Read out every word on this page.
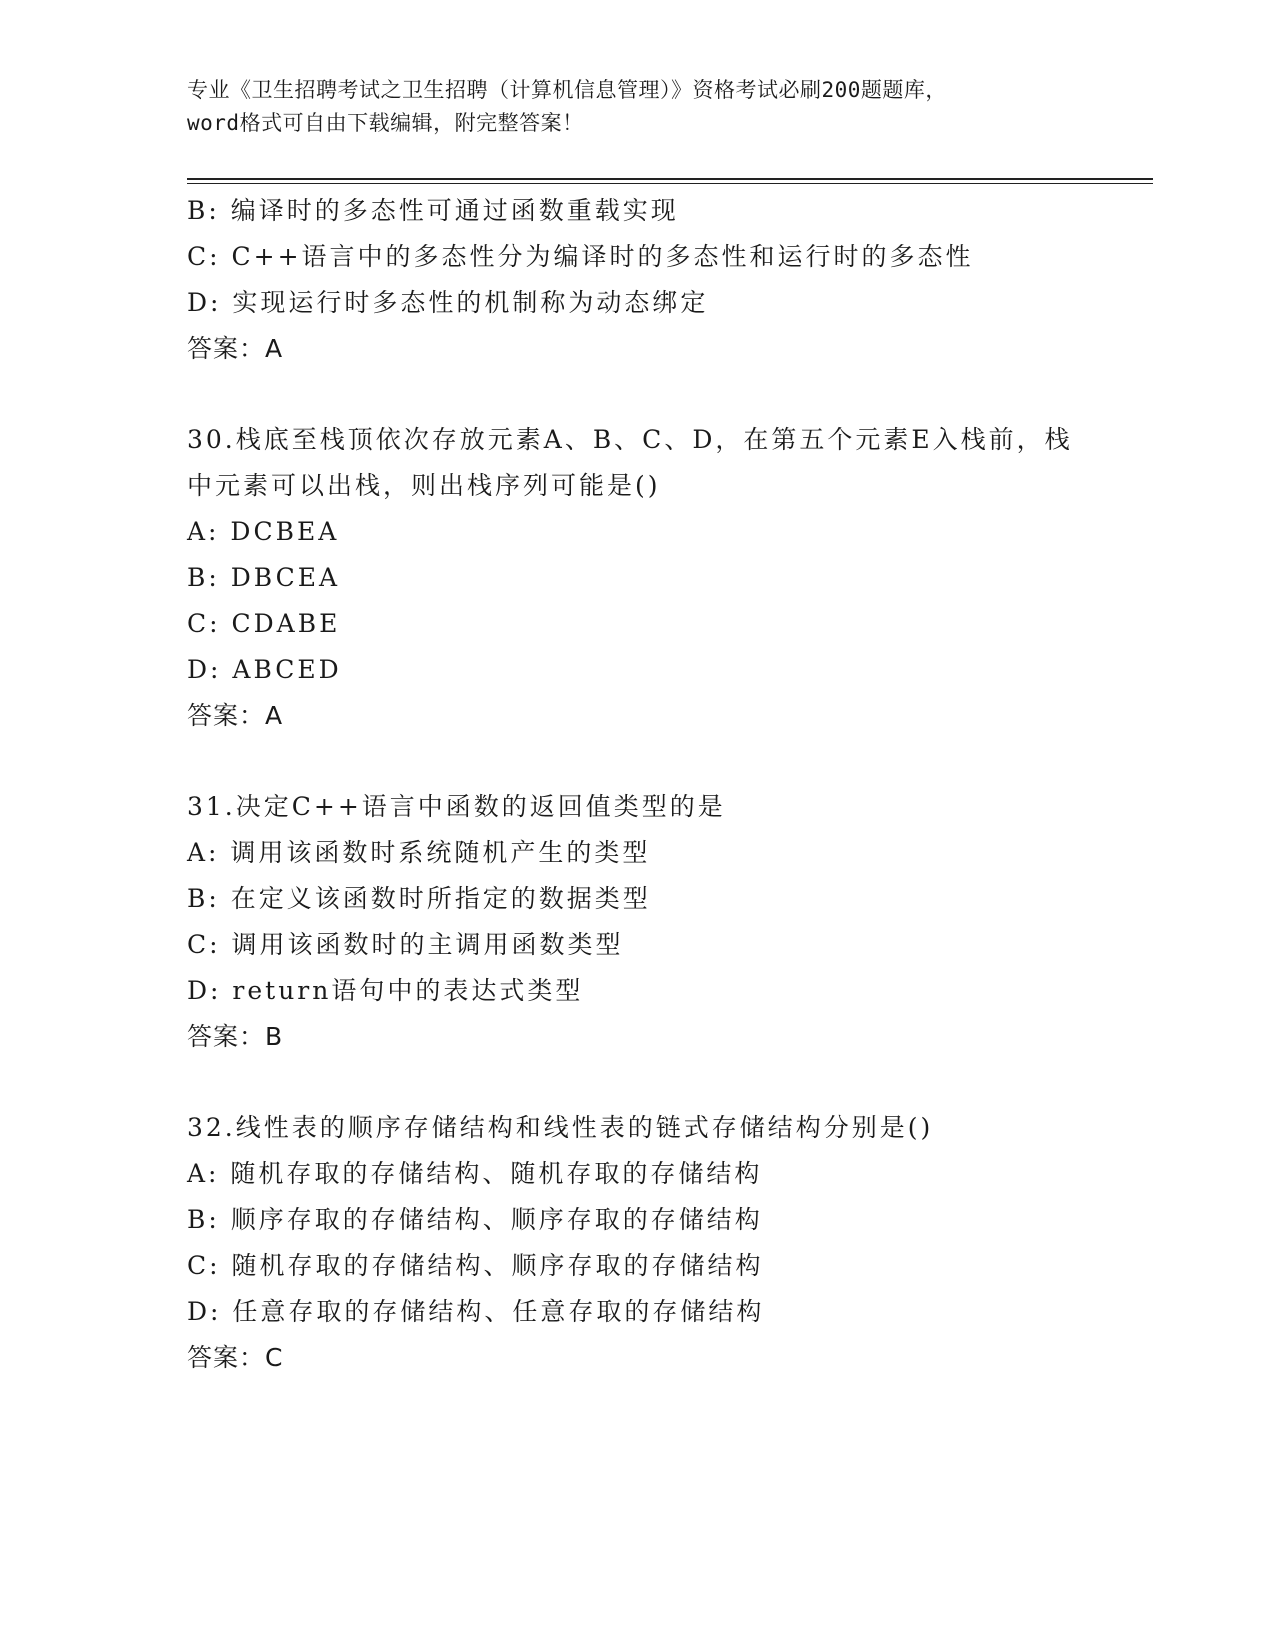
专业《卫生招聘考试之卫生招聘（计算机信息管理）》资格考试必刷200题题库，
word格式可自由下载编辑，附完整答案！
B: 编译时的多态性可通过函数重载实现
C: C++语言中的多态性分为编译时的多态性和运行时的多态性
D: 实现运行时多态性的机制称为动态绑定
答案：A
30.栈底至栈顶依次存放元素A、B、C、D，在第五个元素E入栈前，栈
中元素可以出栈，则出栈序列可能是()
A: DCBEA
B: DBCEA
C: CDABE
D: ABCED
答案：A
31.决定C++语言中函数的返回值类型的是
A: 调用该函数时系统随机产生的类型
B: 在定义该函数时所指定的数据类型
C: 调用该函数时的主调用函数类型
D: return语句中的表达式类型
答案：B
32.线性表的顺序存储结构和线性表的链式存储结构分别是()
A: 随机存取的存储结构、随机存取的存储结构
B: 顺序存取的存储结构、顺序存取的存储结构
C: 随机存取的存储结构、顺序存取的存储结构
D: 任意存取的存储结构、任意存取的存储结构
答案：C
